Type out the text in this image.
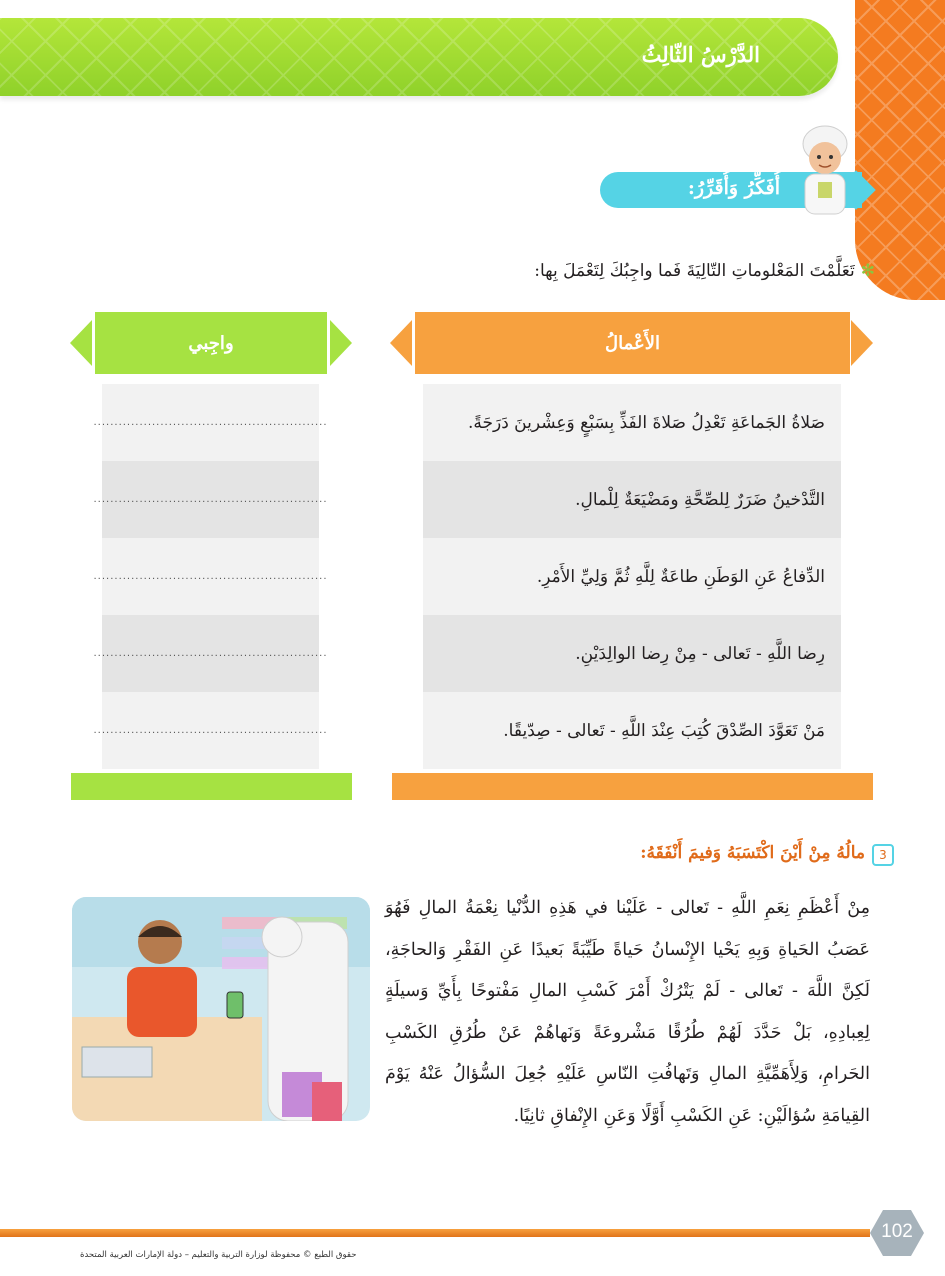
الدَّرْسُ الثّالِثُ
أُفَكِّرُ وَأُقَرِّرُ:
✻تَعَلَّمْتَ المَعْلوماتِ التّالِيَةَ فَما واجِبُكَ لِتَعْمَلَ بِها:
الأَعْمالُ
واجِبي
صَلاةُ الجَماعَةِ تَعْدِلُ صَلاةَ الفَذِّ بِسَبْعٍ وَعِشْرينَ دَرَجَةً.
........................................................
التَّدْخينُ ضَرَرٌ لِلصِّحَّةِ ومَضْيَعَةٌ لِلْمالِ.
........................................................
الدِّفاعُ عَنِ الوَطَنِ طاعَةٌ لِلَّهِ ثُمَّ وَلِيِّ الأَمْرِ.
........................................................
رِضا اللَّهِ - تَعالى - مِنْ رِضا الوالِدَيْنِ.
........................................................
مَنْ تَعَوَّدَ الصِّدْقَ كُتِبَ عِنْدَ اللَّهِ - تَعالى - صِدّيقًا.
........................................................
3
مالُهُ مِنْ أَيْنَ اكْتَسَبَهُ وَفيمَ أَنْفَقَهُ:
مِنْ أَعْظَمِ نِعَمِ اللَّهِ - تَعالى - عَلَيْنا في هَذِهِ الدُّنْيا نِعْمَةُ المالِ فَهُوَ عَصَبُ الحَياةِ وَبِهِ يَحْيا الإِنْسانُ حَياةً طَيِّبَةً بَعيدًا عَنِ الفَقْرِ وَالحاجَةِ، لَكِنَّ اللَّهَ - تَعالى - لَمْ يَتْرُكْ أَمْرَ كَسْبِ المالِ مَفْتوحًا بِأَيِّ وَسيلَةٍ لِعِبادِهِ، بَلْ حَدَّدَ لَهُمْ طُرُقًا مَشْروعَةً وَنَهاهُمْ عَنْ طُرُقِ الكَسْبِ الحَرامِ، وَلِأَهَمِّيَّةِ المالِ وَتَهافُتِ النّاسِ عَلَيْهِ جُعِلَ السُّؤالُ عَنْهُ يَوْمَ القِيامَةِ سُؤالَيْنِ: عَنِ الكَسْبِ أَوَّلًا وَعَنِ الإِنْفاقِ ثانِيًا.
102
حقوق الطبع © محفوظة لوزارة التربية والتعليم – دولة الإمارات العربية المتحدة
